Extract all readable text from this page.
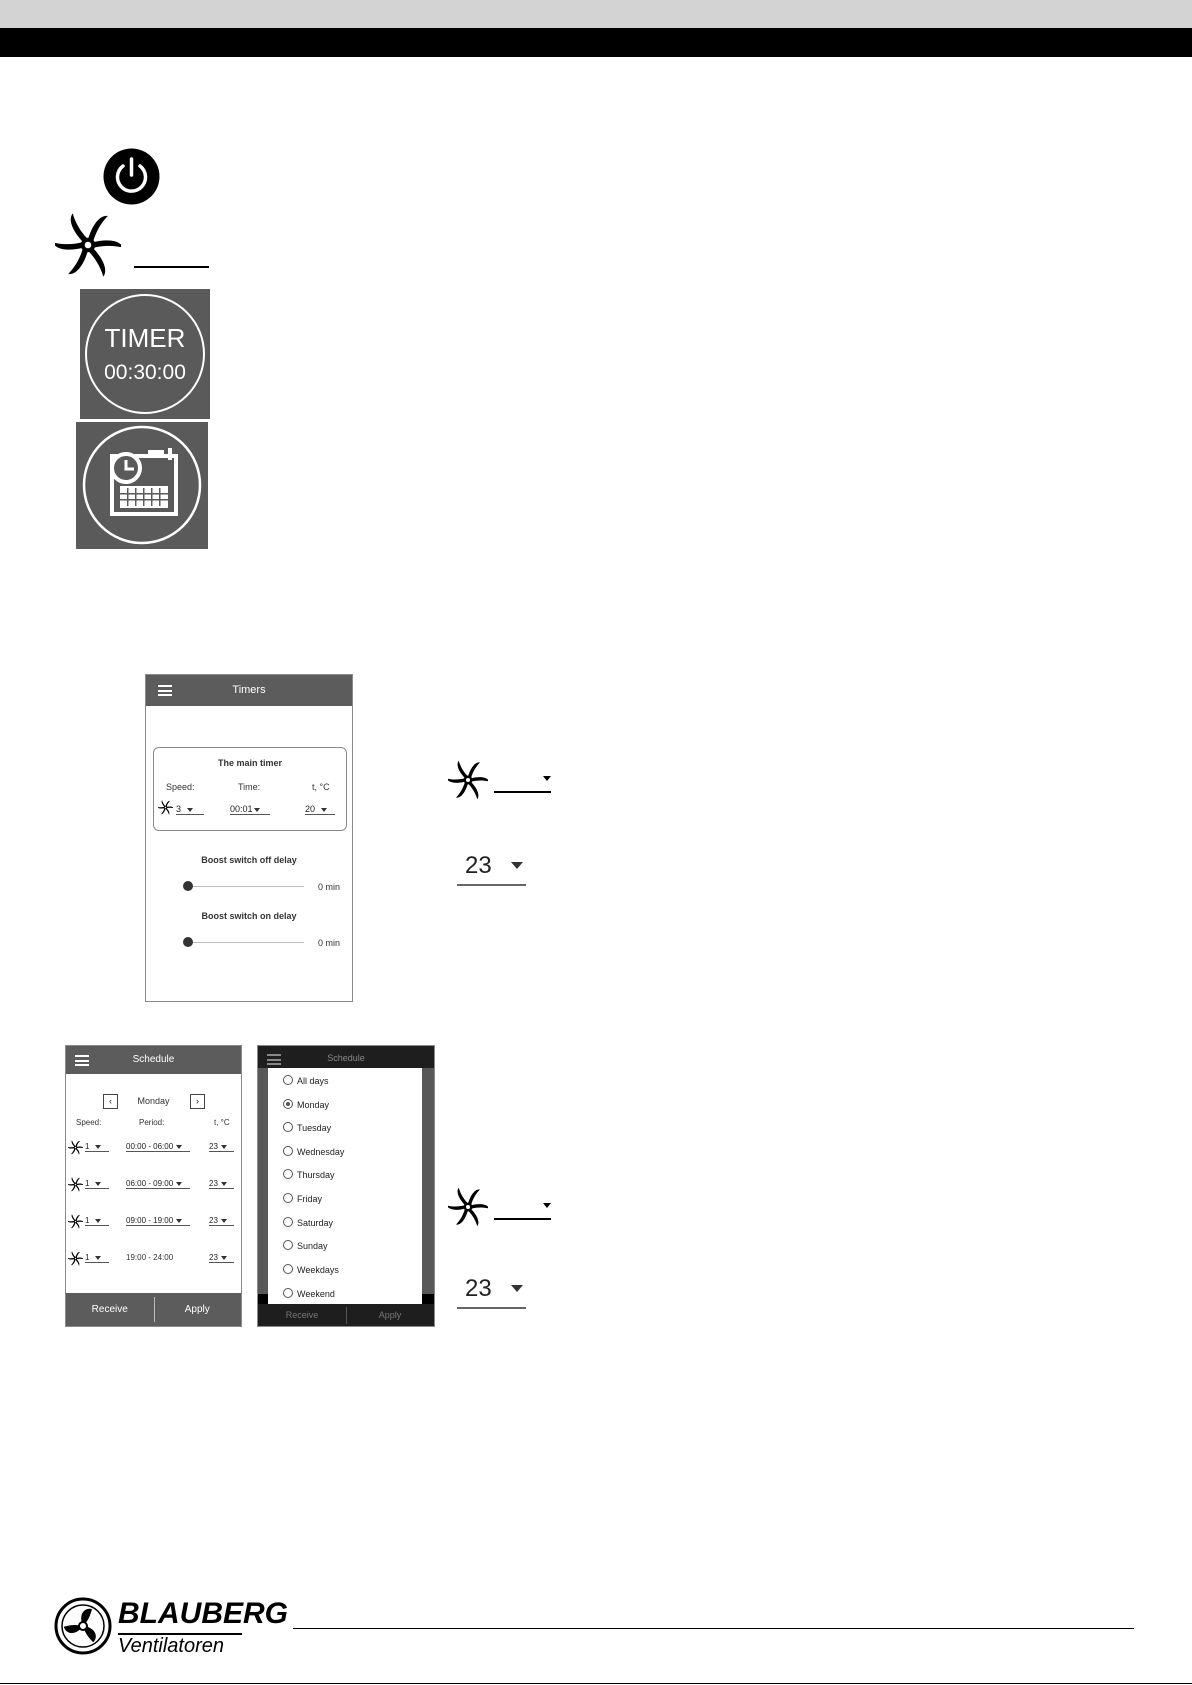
TIMER
00:30:00
Timers
The main timer
Speed:	Time:	t, °C
3	00:01	20
Boost switch off delay
0 min
Boost switch on delay
0 min
23
Schedule
‹	Monday	›
Speed:	Period:	t, °C
1	00:00 - 06:00	23
1	06:00 - 09:00	23
1	09:00 - 19:00	23
1	19:00 - 24:00	23
Receive	Apply
Schedule
All days
Monday
Tuesday
Wednesday
Thursday
Friday
Saturday
Sunday
Weekdays
Weekend
Receive	Apply
23
BLAUBERG
Ventilatoren
